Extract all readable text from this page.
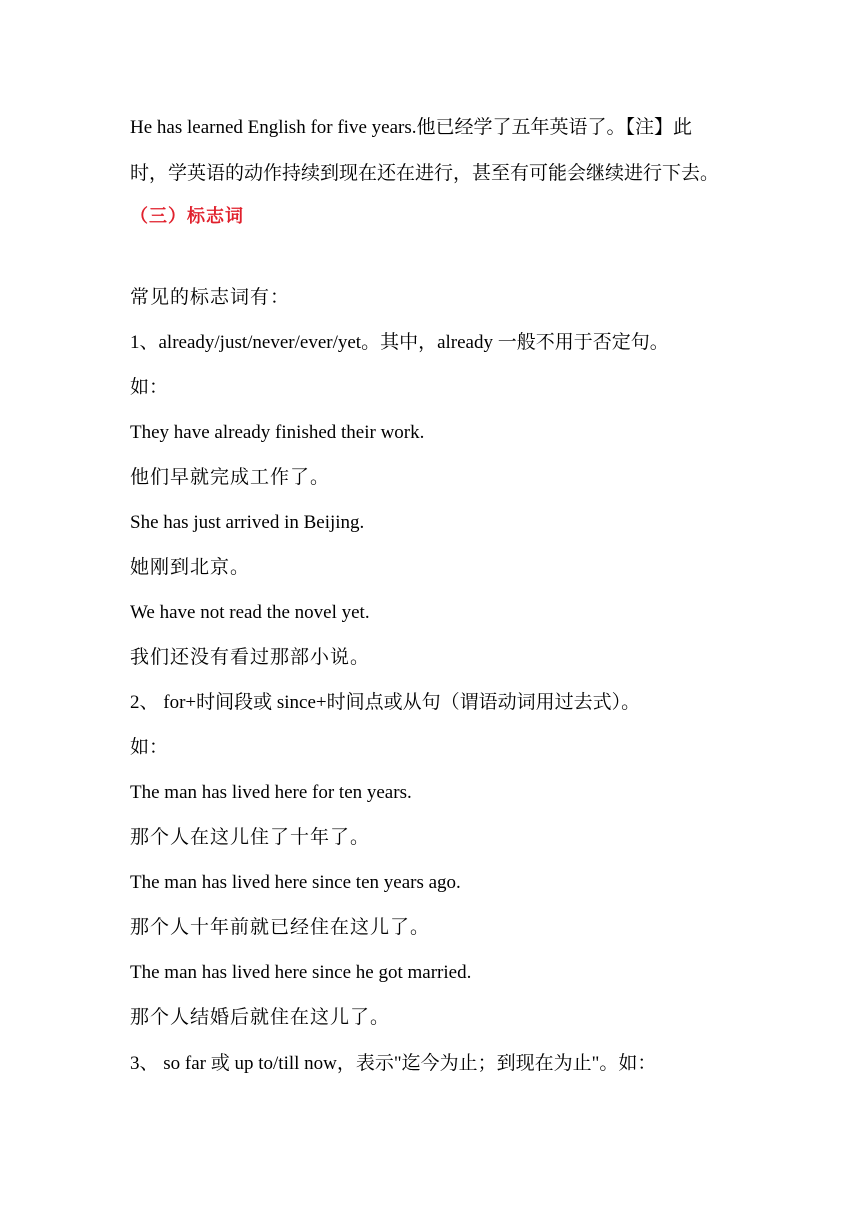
He has learned English for five years.他已经学了五年英语了。【注】此
时，学英语的动作持续到现在还在进行，甚至有可能会继续进行下去。
（三）标志词
常见的标志词有：
1、already/just/never/ever/yet。其中，already 一般不用于否定句。
如：
They have already finished their work.
他们早就完成工作了。
She has just arrived in Beijing.
她刚到北京。
We have not read the novel yet.
我们还没有看过那部小说。
2、 for+时间段或 since+时间点或从句（谓语动词用过去式）。
如：
The man has lived here for ten years.
那个人在这儿住了十年了。
The man has lived here since ten years ago.
那个人十年前就已经住在这儿了。
The man has lived here since he got married.
那个人结婚后就住在这儿了。
3、 so far 或 up to/till now，表示"迄今为止；到现在为止"。如：
